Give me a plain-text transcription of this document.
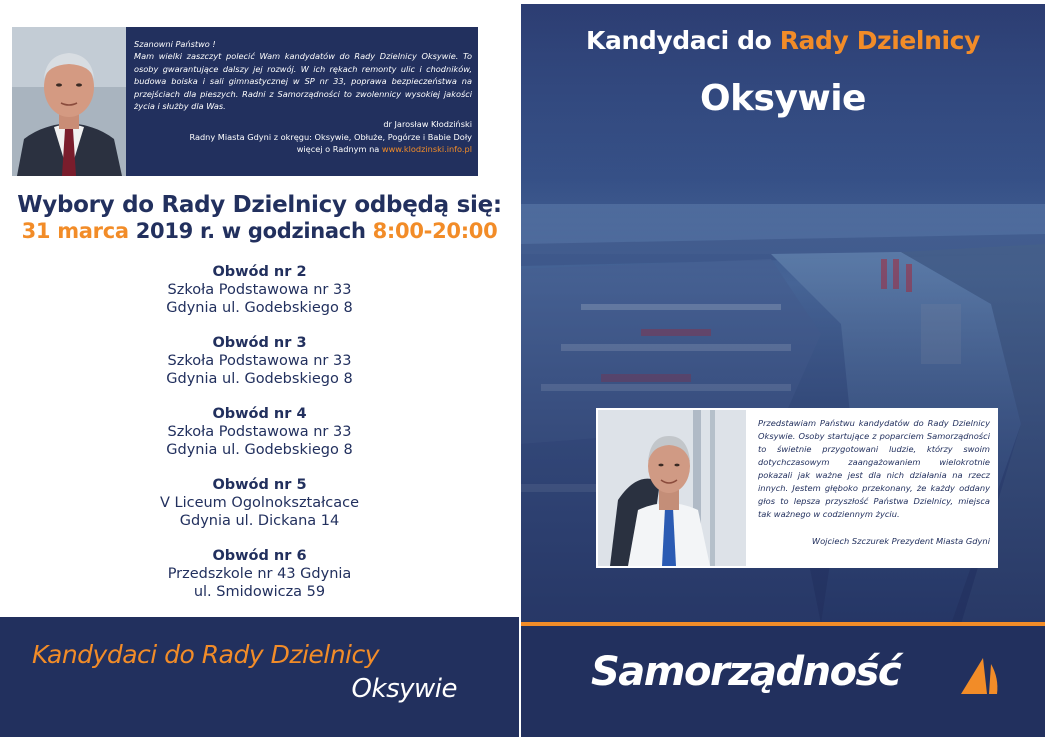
Szanowni Państwo !
Mam wielki zaszczyt polecić Wam kandydatów do Rady Dzielnicy Oksywie. To osoby gwarantujące dalszy jej rozwój. W ich rękach remonty ulic i chodników, budowa boiska i sali gimnastycznej w SP nr 33, poprawa bezpieczeństwa na przejściach dla pieszych. Radni z Samorządności to zwolennicy wysokiej jakości życia i służby dla Was.
dr Jarosław Kłodziński
Radny Miasta Gdyni z okręgu: Oksywie, Obłuże, Pogórze i Babie Doły
więcej o Radnym na www.klodzinski.info.pl
Wybory do Rady Dzielnicy odbędą się:
31 marca 2019 r. w godzinach 8:00-20:00
Obwód nr 2
Szkoła Podstawowa nr 33
Gdynia ul. Godebskiego 8
Obwód nr 3
Szkoła Podstawowa nr 33
Gdynia ul. Godebskiego 8
Obwód nr 4
Szkoła Podstawowa nr 33
Gdynia ul. Godebskiego 8
Obwód nr 5
V Liceum Ogolnokształcace
Gdynia ul. Dickana 14
Obwód nr 6
Przedszkole nr 43 Gdynia
ul. Smidowicza 59
Kandydaci do Rady Dzielnicy
Oksywie
Kandydaci do Rady Dzielnicy
Oksywie
Przedstawiam Państwu kandydatów do Rady Dzielnicy Oksywie. Osoby startujące z poparciem Samorządności to świetnie przygotowani ludzie, którzy swoim dotychczasowym zaangażowaniem wielokrotnie pokazali jak ważne jest dla nich działania na rzecz innych. Jestem głęboko przekonany, że każdy oddany głos to lepsza przyszłość Państwa Dzielnicy, miejsca tak ważnego w codziennym życiu.
Wojciech Szczurek Prezydent Miasta Gdyni
Samorządność
